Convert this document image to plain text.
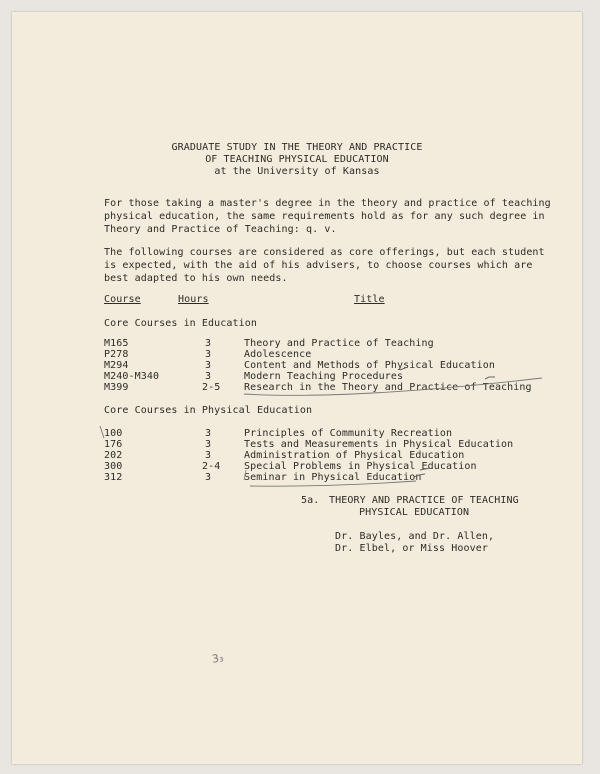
GRADUATE STUDY IN THE THEORY AND PRACTICE
OF TEACHING PHYSICAL EDUCATION
at the University of Kansas
For those taking a master's degree in the theory and practice of teaching
physical education, the same requirements hold as for any such degree in
Theory and Practice of Teaching: q. v.
The following courses are considered as core offerings, but each student
is expected, with the aid of his advisers, to choose courses which are
best adapted to his own needs.
Course	Hours	Title
Core Courses in Education
M165	3	Theory and Practice of Teaching
P278	3	Adolescence
M294	3	Content and Methods of Physical Education
M240-M340	3	Modern Teaching Procedures
M399	2-5 Research in the Theory and Practice of Teaching
Core Courses in Physical Education
100	3	Principles of Community Recreation
176	3	Tests and Measurements in Physical Education
202	3	Administration of Physical Education
300	2-4 Special Problems in Physical Education
312	3	Seminar in Physical Education
5a. THEORY AND PRACTICE OF TEACHING
PHYSICAL EDUCATION
Dr. Bayles, and Dr. Allen,
Dr. Elbel, or Miss Hoover
3₃
